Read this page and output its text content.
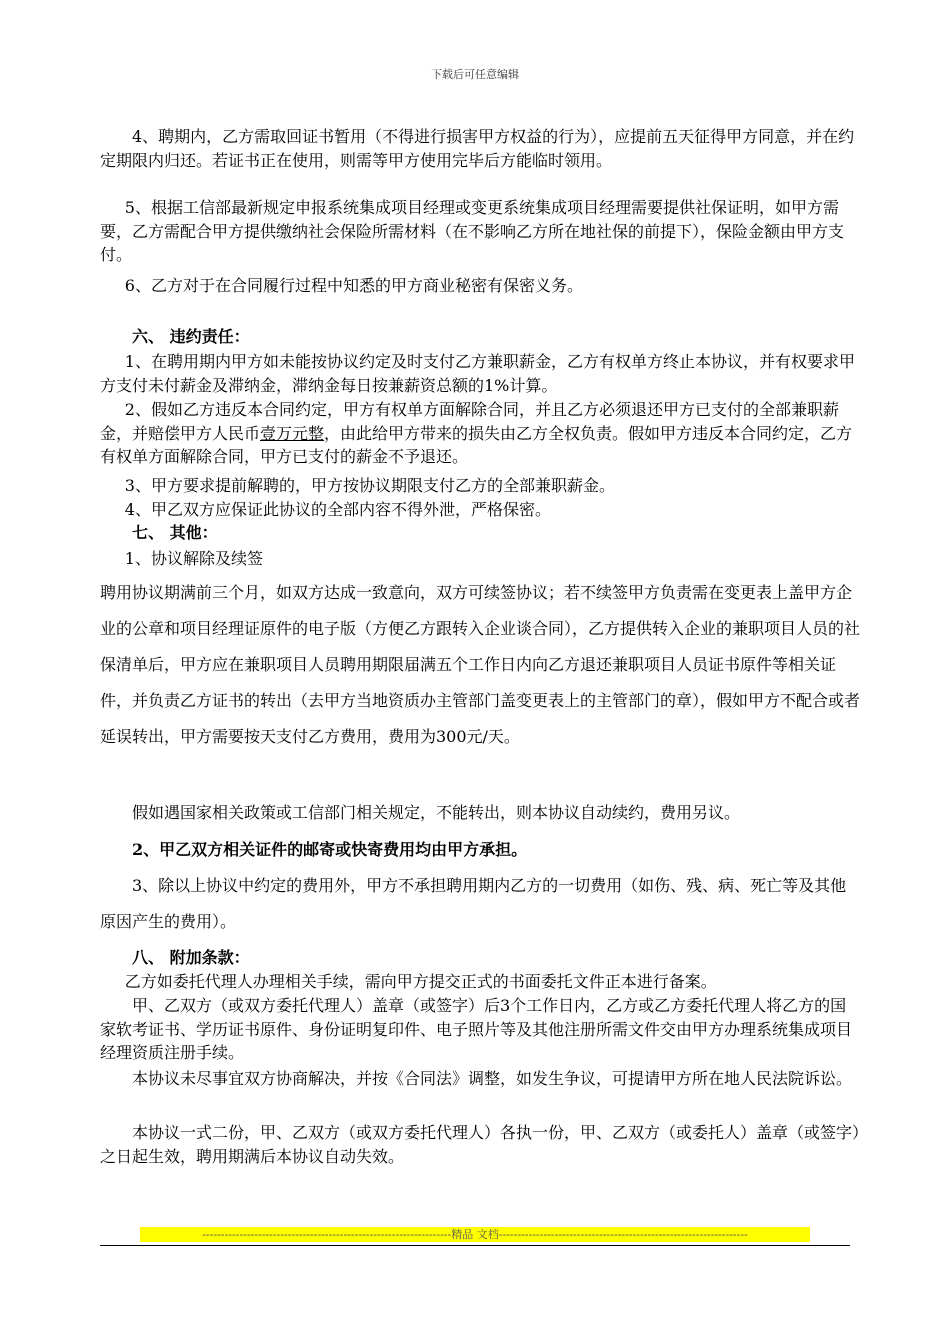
下载后可任意编辑

4、聘期内，乙方需取回证书暂用（不得进行损害甲方权益的行为），应提前五天征得甲方同意，并在约定期限内归还。若证书正在使用，则需等甲方使用完毕后方能临时领用。

5、根据工信部最新规定申报系统集成项目经理或变更系统集成项目经理需要提供社保证明，如甲方需要，乙方需配合甲方提供缴纳社会保险所需材料（在不影响乙方所在地社保的前提下），保险金额由甲方支付。

6、乙方对于在合同履行过程中知悉的甲方商业秘密有保密义务。

六、 违约责任：

1、在聘用期内甲方如未能按协议约定及时支付乙方兼职薪金，乙方有权单方终止本协议，并有权要求甲方支付未付薪金及滞纳金，滞纳金每日按兼薪资总额的1%计算。

2、假如乙方违反本合同约定，甲方有权单方面解除合同，并且乙方必须退还甲方已支付的全部兼职薪金，并赔偿甲方人民币壹万元整，由此给甲方带来的损失由乙方全权负责。假如甲方违反本合同约定，乙方有权单方面解除合同，甲方已支付的薪金不予退还。

3、甲方要求提前解聘的，甲方按协议期限支付乙方的全部兼职薪金。

4、甲乙双方应保证此协议的全部内容不得外泄，严格保密。

七、 其他：

1、协议解除及续签

聘用协议期满前三个月，如双方达成一致意向，双方可续签协议；若不续签甲方负责需在变更表上盖甲方企业的公章和项目经理证原件的电子版（方便乙方跟转入企业谈合同），乙方提供转入企业的兼职项目人员的社保清单后，甲方应在兼职项目人员聘用期限届满五个工作日内向乙方退还兼职项目人员证书原件等相关证件，并负责乙方证书的转出（去甲方当地资质办主管部门盖变更表上的主管部门的章），假如甲方不配合或者延误转出，甲方需要按天支付乙方费用，费用为300元/天。

假如遇国家相关政策或工信部门相关规定，不能转出，则本协议自动续约，费用另议。

2、甲乙双方相关证件的邮寄或快寄费用均由甲方承担。

3、除以上协议中约定的费用外，甲方不承担聘用期内乙方的一切费用（如伤、残、病、死亡等及其他原因产生的费用）。

八、 附加条款：

乙方如委托代理人办理相关手续，需向甲方提交正式的书面委托文件正本进行备案。

甲、乙双方（或双方委托代理人）盖章（或签字）后3个工作日内，乙方或乙方委托代理人将乙方的国家软考证书、学历证书原件、身份证明复印件、电子照片等及其他注册所需文件交由甲方办理系统集成项目经理资质注册手续。

本协议未尽事宜双方协商解决，并按《合同法》调整，如发生争议，可提请甲方所在地人民法院诉讼。

本协议一式二份，甲、乙双方（或双方委托代理人）各执一份，甲、乙双方（或委托人）盖章（或签字）之日起生效，聘用期满后本协议自动失效。

-------------------------------------------------------------------精品 文档-------------------------------------------------------------------
